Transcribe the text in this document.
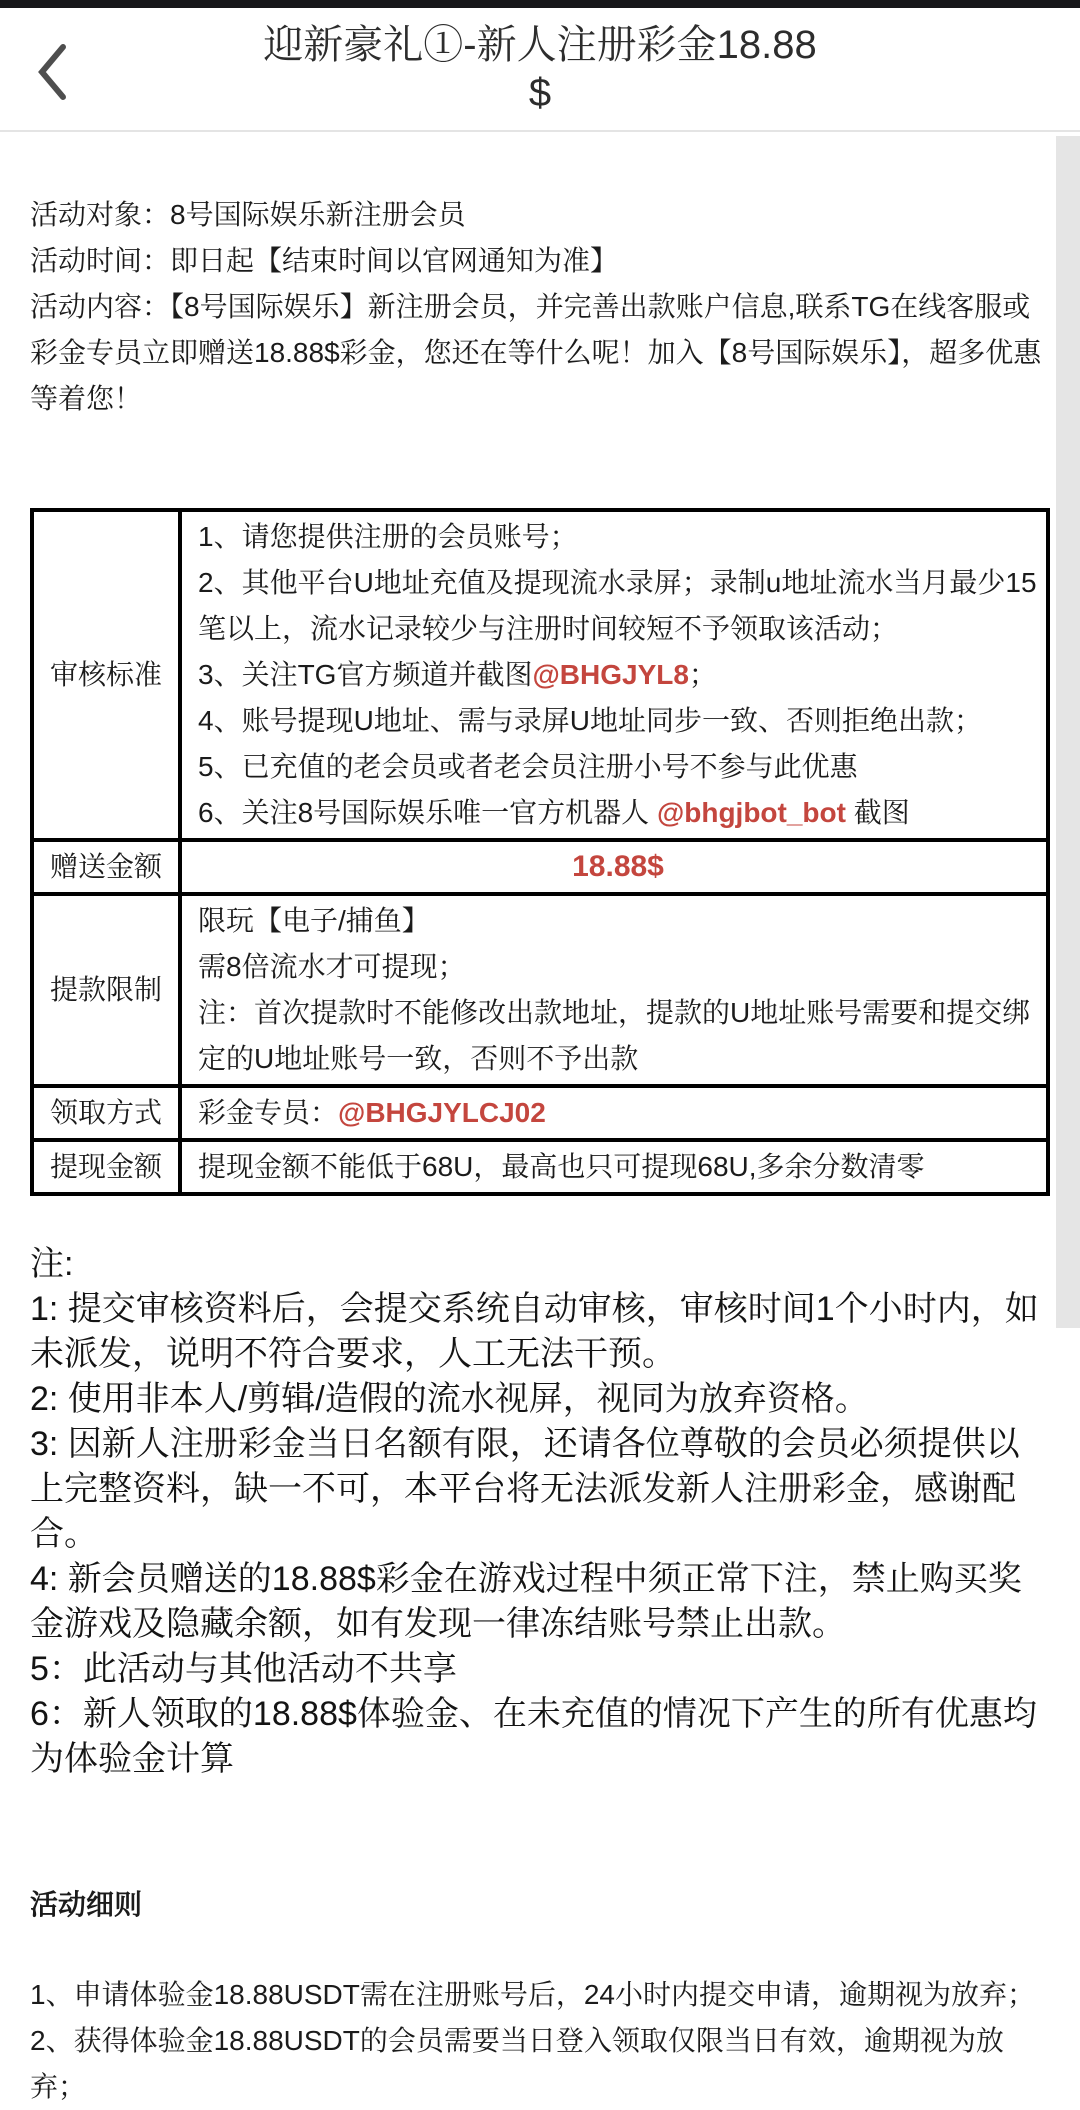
迎新豪礼①-新人注册彩金18.88
$

活动对象：8号国际娱乐新注册会员

活动时间：即日起【结束时间以官网通知为准】

活动内容：【8号国际娱乐】新注册会员，并完善出款账户信息,联系TG在线客服或彩金专员立即赠送18.88$彩金，您还在等什么呢！加入【8号国际娱乐】，超多优惠等着您！

审核标准	

1、请您提供注册的会员账号；

2、其他平台U地址充值及提现流水录屏；录制u地址流水当月最少15笔以上，流水记录较少与注册时间较短不予领取该活动；

3、关注TG官方频道并截图@BHGJYL8；

4、账号提现U地址、需与录屏U地址同步一致、否则拒绝出款；

5、已充值的老会员或者老会员注册小号不参与此优惠

6、关注8号国际娱乐唯一官方机器人 @bhgjbot_bot 截图

赠送金额	18.88$
提款限制	限玩【电子/捕鱼】

需8倍流水才可提现；

注：首次提款时不能修改出款地址，提款的U地址账号需要和提交绑定的U地址账号一致，否则不予出款

领取方式	彩金专员：@BHGJYLCJ02

提现金额	提现金额不能低于68U，最高也只可提现68U,多余分数清零

注:

1: 提交审核资料后，会提交系统自动审核，审核时间1个小时内，如未派发，说明不符合要求，人工无法干预。

2: 使用非本人/剪辑/造假的流水视屏，视同为放弃资格。

3: 因新人注册彩金当日名额有限，还请各位尊敬的会员必须提供以上完整资料，缺一不可，本平台将无法派发新人注册彩金，感谢配合。

4: 新会员赠送的18.88$彩金在游戏过程中须正常下注，禁止购买奖金游戏及隐藏余额，如有发现一律冻结账号禁止出款。

5：此活动与其他活动不共享

6：新人领取的18.88$体验金、在未充值的情况下产生的所有优惠均为体验金计算

活动细则

1、申请体验金18.88USDT需在注册账号后，24小时内提交申请，逾期视为放弃；

2、获得体验金18.88USDT的会员需要当日登入领取仅限当日有效，逾期视为放弃；
